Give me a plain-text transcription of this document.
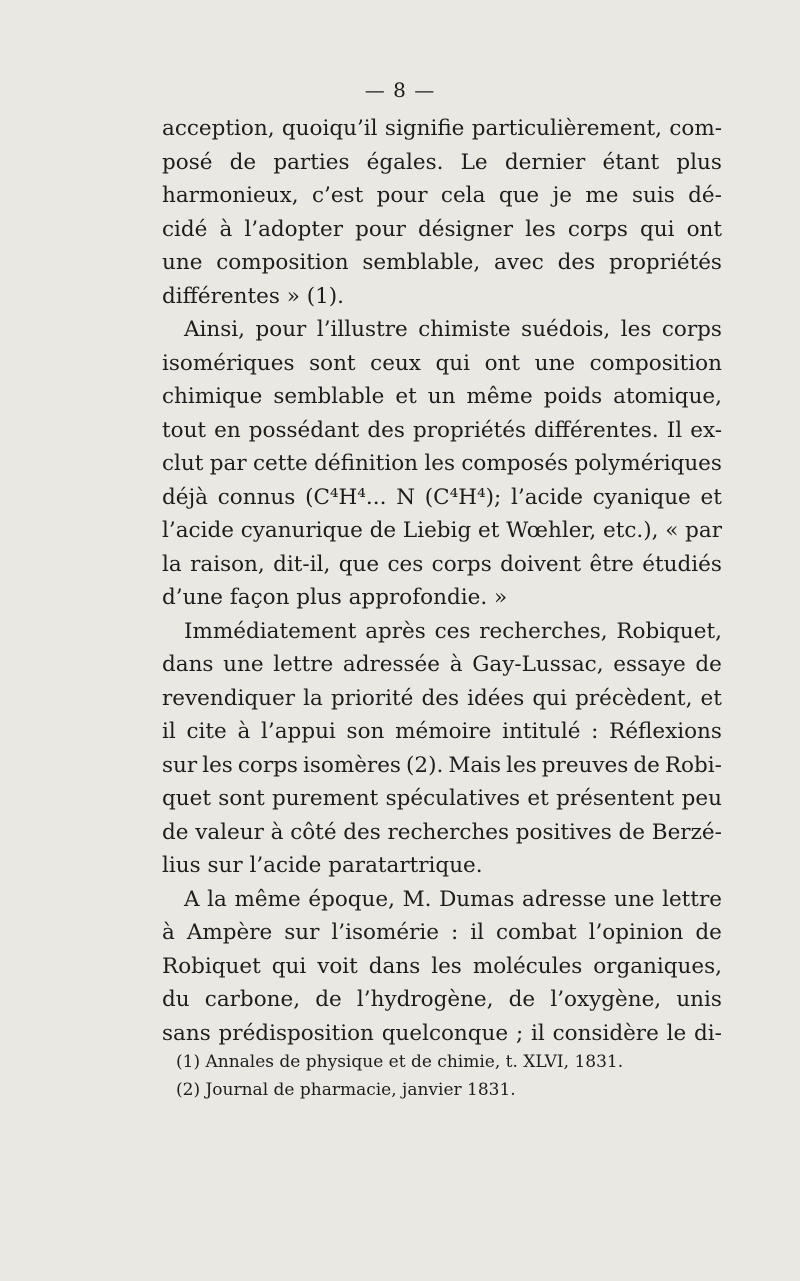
— 8 —
acception, quoiqu’il signifie particulièrement, com-
posé de parties égales. Le dernier étant plus
harmonieux, c’est pour cela que je me suis dé-
cidé à l’adopter pour désigner les corps qui ont
une composition semblable, avec des propriétés
différentes » (1).
Ainsi, pour l’illustre chimiste suédois, les corps
isomériques sont ceux qui ont une composition
chimique semblable et un même poids atomique,
tout en possédant des propriétés différentes. Il ex-
clut par cette définition les composés polymériques
déjà connus (C⁴H⁴... N (C⁴H⁴); l’acide cyanique et
l’acide cyanurique de Liebig et Wœhler, etc.), « par
la raison, dit-il, que ces corps doivent être étudiés
d’une façon plus approfondie. »
Immédiatement après ces recherches, Robiquet,
dans une lettre adressée à Gay-Lussac, essaye de
revendiquer la priorité des idées qui précèdent, et
il cite à l’appui son mémoire intitulé : Réflexions
sur les corps isomères (2). Mais les preuves de Robi-
quet sont purement spéculatives et présentent peu
de valeur à côté des recherches positives de Berzé-
lius sur l’acide paratartrique.
A la même époque, M. Dumas adresse une lettre
à Ampère sur l’isomérie : il combat l’opinion de
Robiquet qui voit dans les molécules organiques,
du carbone, de l’hydrogène, de l’oxygène, unis
sans prédisposition quelconque ; il considère le di-
(1) Annales de physique et de chimie, t. XLVI, 1831.
(2) Journal de pharmacie, janvier 1831.
